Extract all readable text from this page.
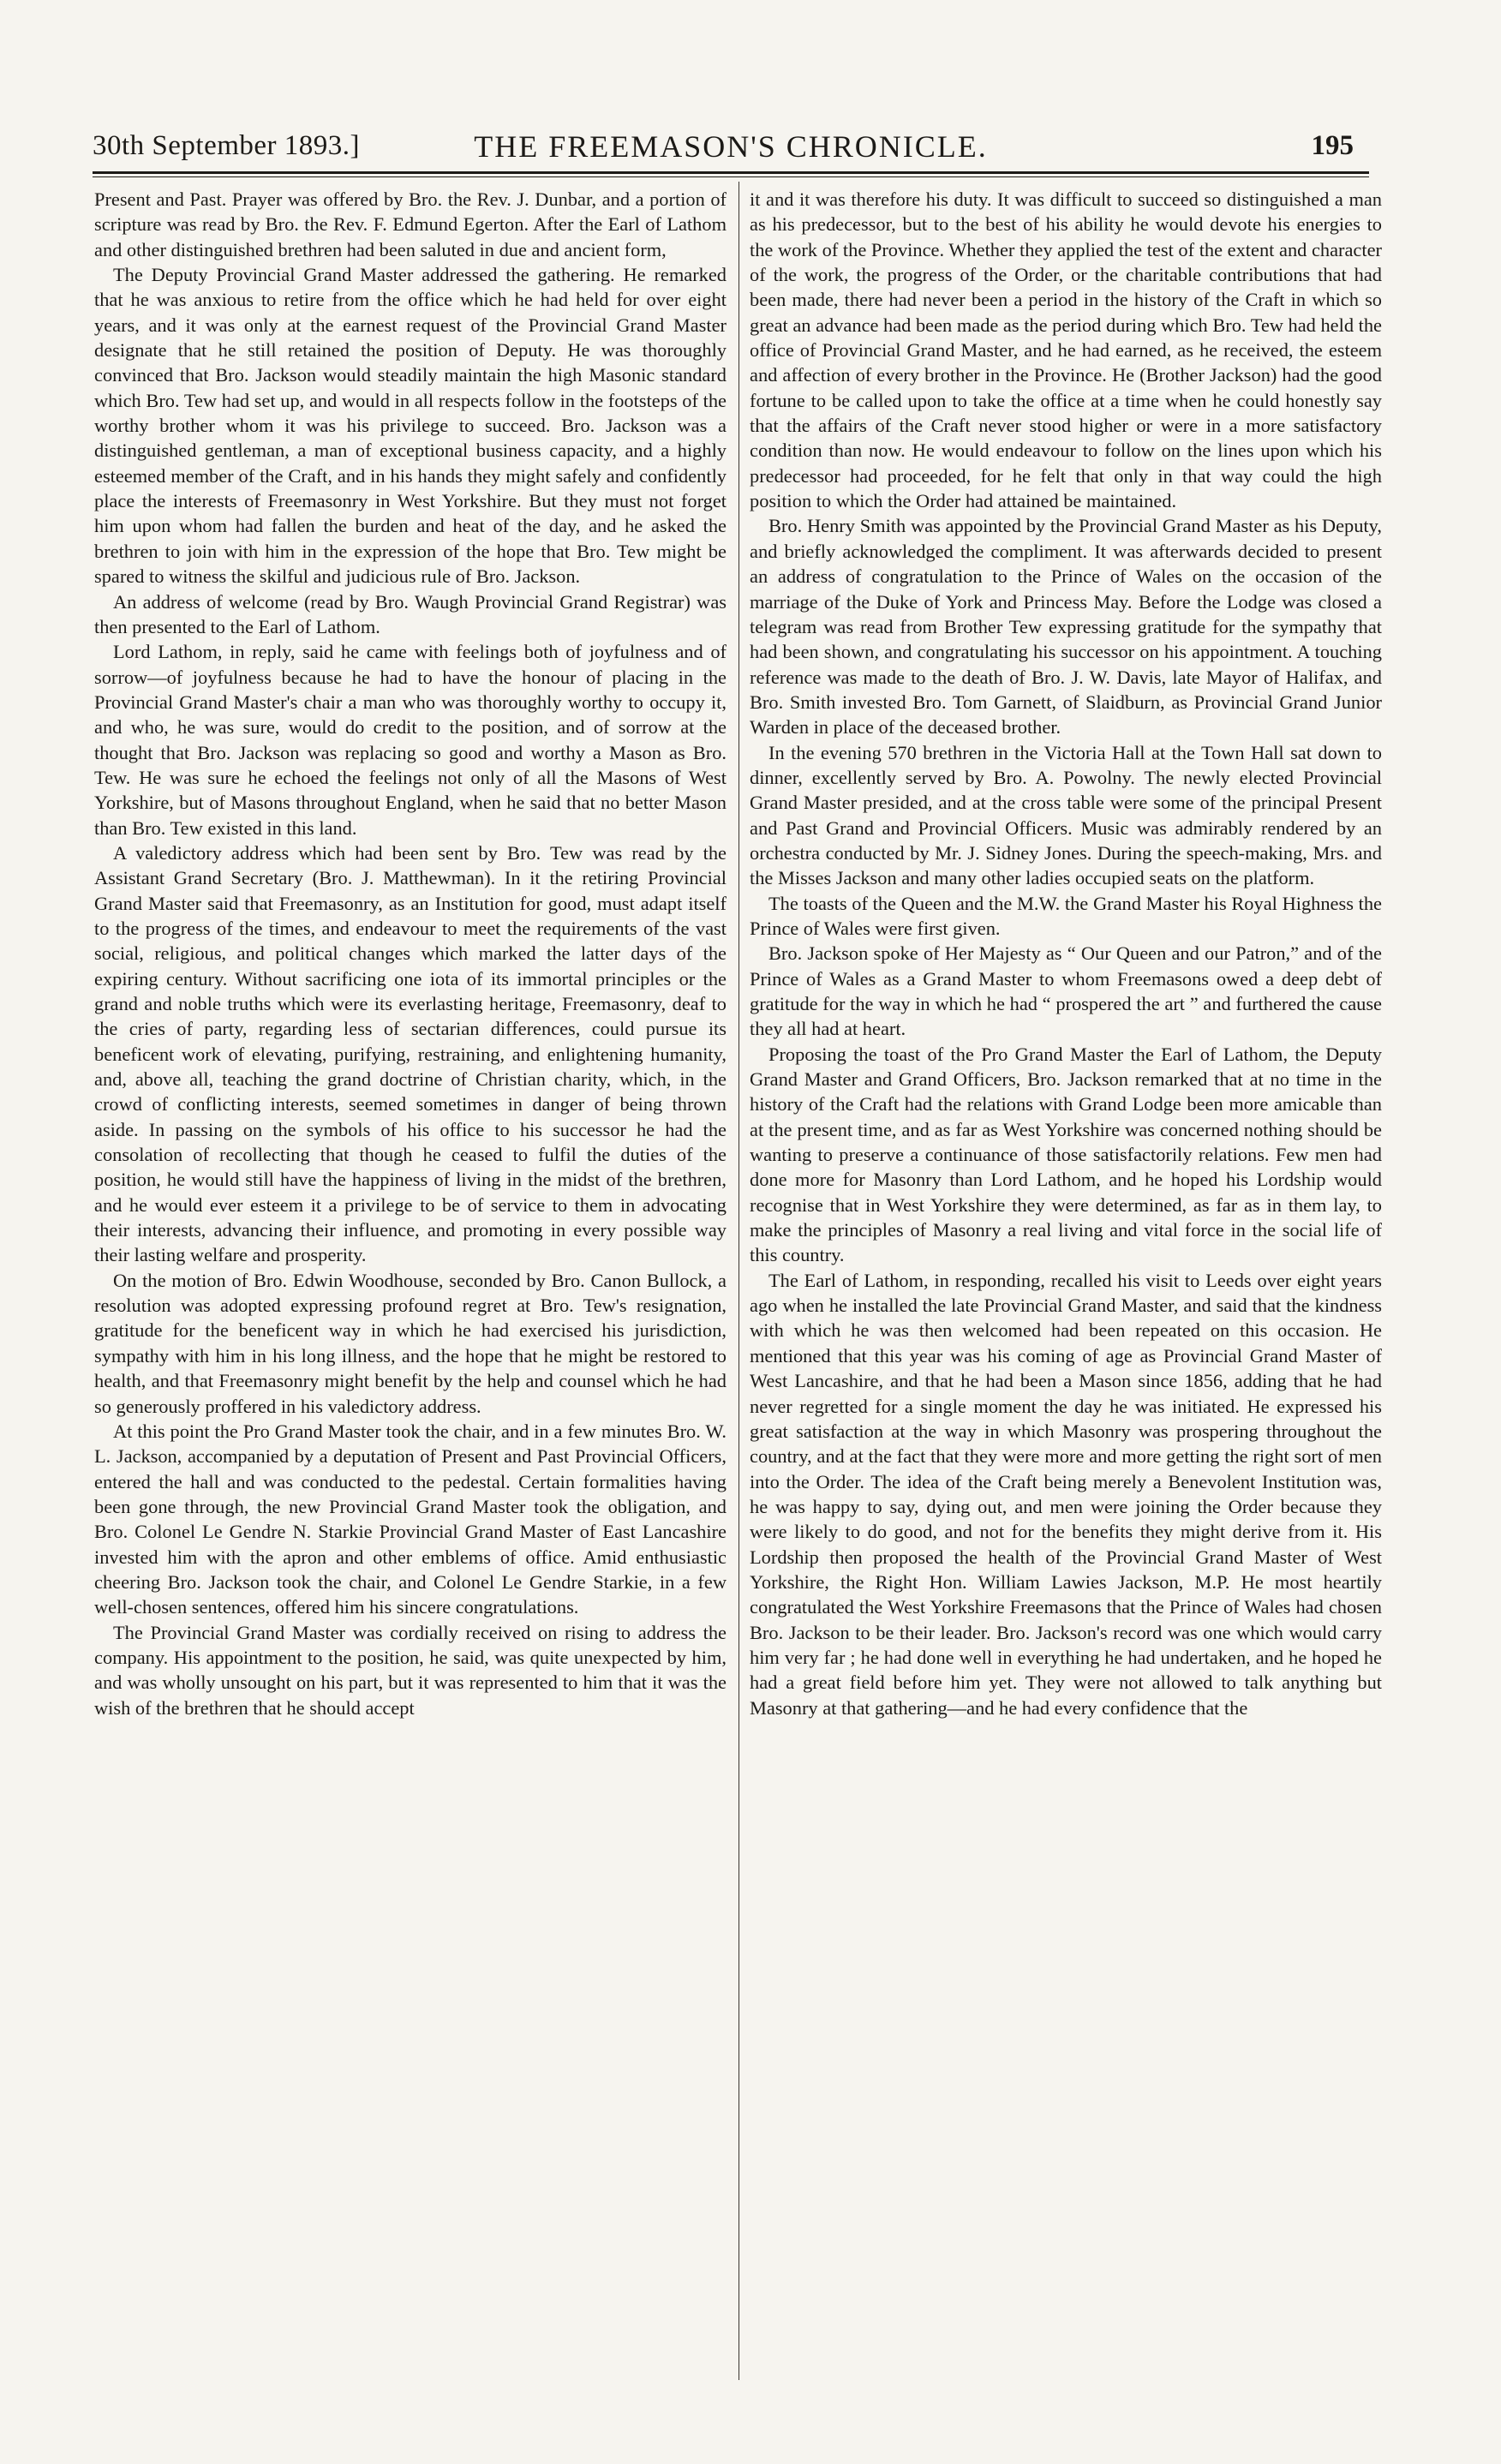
30th September 1893.]	THE FREEMASON'S CHRONICLE.	195

Present and Past. Prayer was offered by Bro. the Rev. J. Dunbar, and a portion of scripture was read by Bro. the Rev. F. Edmund Egerton. After the Earl of Lathom and other distinguished brethren had been saluted in due and ancient form,

The Deputy Provincial Grand Master addressed the gathering. He remarked that he was anxious to retire from the office which he had held for over eight years, and it was only at the earnest request of the Provincial Grand Master designate that he still retained the position of Deputy. He was thoroughly convinced that Bro. Jackson would steadily maintain the high Masonic standard which Bro. Tew had set up, and would in all respects follow in the footsteps of the worthy brother whom it was his privilege to succeed. Bro. Jackson was a distinguished gentleman, a man of exceptional business capacity, and a highly esteemed member of the Craft, and in his hands they might safely and confidently place the interests of Freemasonry in West Yorkshire. But they must not forget him upon whom had fallen the burden and heat of the day, and he asked the brethren to join with him in the expression of the hope that Bro. Tew might be spared to witness the skilful and judicious rule of Bro. Jackson.

An address of welcome (read by Bro. Waugh Provincial Grand Registrar) was then presented to the Earl of Lathom.

Lord Lathom, in reply, said he came with feelings both of joyfulness and of sorrow—of joyfulness because he had to have the honour of placing in the Provincial Grand Master's chair a man who was thoroughly worthy to occupy it, and who, he was sure, would do credit to the position, and of sorrow at the thought that Bro. Jackson was replacing so good and worthy a Mason as Bro. Tew. He was sure he echoed the feelings not only of all the Masons of West Yorkshire, but of Masons throughout England, when he said that no better Mason than Bro. Tew existed in this land.

A valedictory address which had been sent by Bro. Tew was read by the Assistant Grand Secretary (Bro. J. Matthewman). In it the retiring Provincial Grand Master said that Freemasonry, as an Institution for good, must adapt itself to the progress of the times, and endeavour to meet the requirements of the vast social, religious, and political changes which marked the latter days of the expiring century. Without sacrificing one iota of its immortal principles or the grand and noble truths which were its everlasting heritage, Freemasonry, deaf to the cries of party, regarding less of sectarian differences, could pursue its beneficent work of elevating, purifying, restraining, and enlightening humanity, and, above all, teaching the grand doctrine of Christian charity, which, in the crowd of conflicting interests, seemed sometimes in danger of being thrown aside. In passing on the symbols of his office to his successor he had the consolation of recollecting that though he ceased to fulfil the duties of the position, he would still have the happiness of living in the midst of the brethren, and he would ever esteem it a privilege to be of service to them in advocating their interests, advancing their influence, and promoting in every possible way their lasting welfare and prosperity.

On the motion of Bro. Edwin Woodhouse, seconded by Bro. Canon Bullock, a resolution was adopted expressing profound regret at Bro. Tew's resignation, gratitude for the beneficent way in which he had exercised his jurisdiction, sympathy with him in his long illness, and the hope that he might be restored to health, and that Freemasonry might benefit by the help and counsel which he had so generously proffered in his valedictory address.

At this point the Pro Grand Master took the chair, and in a few minutes Bro. W. L. Jackson, accompanied by a deputation of Present and Past Provincial Officers, entered the hall and was conducted to the pedestal. Certain formalities having been gone through, the new Provincial Grand Master took the obligation, and Bro. Colonel Le Gendre N. Starkie Provincial Grand Master of East Lancashire invested him with the apron and other emblems of office. Amid enthusiastic cheering Bro. Jackson took the chair, and Colonel Le Gendre Starkie, in a few well-chosen sentences, offered him his sincere congratulations.

The Provincial Grand Master was cordially received on rising to address the company. His appointment to the position, he said, was quite unexpected by him, and was wholly unsought on his part, but it was represented to him that it was the wish of the brethren that he should accept

it and it was therefore his duty. It was difficult to succeed so distinguished a man as his predecessor, but to the best of his ability he would devote his energies to the work of the Province. Whether they applied the test of the extent and character of the work, the progress of the Order, or the charitable contributions that had been made, there had never been a period in the history of the Craft in which so great an advance had been made as the period during which Bro. Tew had held the office of Provincial Grand Master, and he had earned, as he received, the esteem and affection of every brother in the Province. He (Brother Jackson) had the good fortune to be called upon to take the office at a time when he could honestly say that the affairs of the Craft never stood higher or were in a more satisfactory condition than now. He would endeavour to follow on the lines upon which his predecessor had proceeded, for he felt that only in that way could the high position to which the Order had attained be maintained.

Bro. Henry Smith was appointed by the Provincial Grand Master as his Deputy, and briefly acknowledged the compliment. It was afterwards decided to present an address of congratulation to the Prince of Wales on the occasion of the marriage of the Duke of York and Princess May. Before the Lodge was closed a telegram was read from Brother Tew expressing gratitude for the sympathy that had been shown, and congratulating his successor on his appointment. A touching reference was made to the death of Bro. J. W. Davis, late Mayor of Halifax, and Bro. Smith invested Bro. Tom Garnett, of Slaidburn, as Provincial Grand Junior Warden in place of the deceased brother.

In the evening 570 brethren in the Victoria Hall at the Town Hall sat down to dinner, excellently served by Bro. A. Powolny. The newly elected Provincial Grand Master presided, and at the cross table were some of the principal Present and Past Grand and Provincial Officers. Music was admirably rendered by an orchestra conducted by Mr. J. Sidney Jones. During the speech-making, Mrs. and the Misses Jackson and many other ladies occupied seats on the platform.

The toasts of the Queen and the M.W. the Grand Master his Royal Highness the Prince of Wales were first given.

Bro. Jackson spoke of Her Majesty as “ Our Queen and our Patron,” and of the Prince of Wales as a Grand Master to whom Freemasons owed a deep debt of gratitude for the way in which he had “ prospered the art ” and furthered the cause they all had at heart.

Proposing the toast of the Pro Grand Master the Earl of Lathom, the Deputy Grand Master and Grand Officers, Bro. Jackson remarked that at no time in the history of the Craft had the relations with Grand Lodge been more amicable than at the present time, and as far as West Yorkshire was concerned nothing should be wanting to preserve a continuance of those satisfactorily relations. Few men had done more for Masonry than Lord Lathom, and he hoped his Lordship would recognise that in West Yorkshire they were determined, as far as in them lay, to make the principles of Masonry a real living and vital force in the social life of this country.

The Earl of Lathom, in responding, recalled his visit to Leeds over eight years ago when he installed the late Provincial Grand Master, and said that the kindness with which he was then welcomed had been repeated on this occasion. He mentioned that this year was his coming of age as Provincial Grand Master of West Lancashire, and that he had been a Mason since 1856, adding that he had never regretted for a single moment the day he was initiated. He expressed his great satisfaction at the way in which Masonry was prospering throughout the country, and at the fact that they were more and more getting the right sort of men into the Order. The idea of the Craft being merely a Benevolent Institution was, he was happy to say, dying out, and men were joining the Order because they were likely to do good, and not for the benefits they might derive from it. His Lordship then proposed the health of the Provincial Grand Master of West Yorkshire, the Right Hon. William Lawies Jackson, M.P. He most heartily congratulated the West Yorkshire Freemasons that the Prince of Wales had chosen Bro. Jackson to be their leader. Bro. Jackson's record was one which would carry him very far ; he had done well in everything he had undertaken, and he hoped he had a great field before him yet. They were not allowed to talk anything but Masonry at that gathering—and he had every confidence that the
